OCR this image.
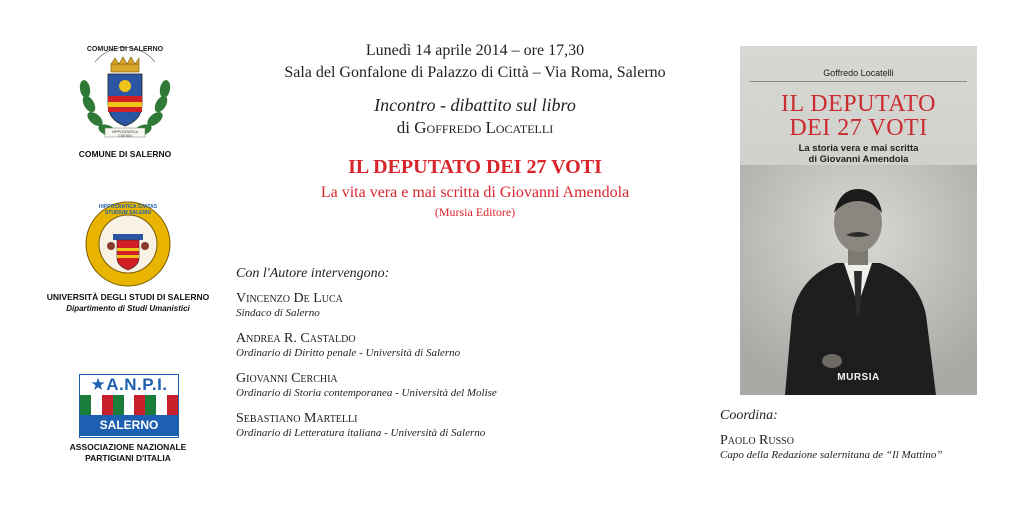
COMUNE DI SALERNO
HIPPOCRATICA CIVITAS
COMUNE DI SALERNO
HIPPOCRATICA CIVITAS STUDIUM SALERNI
UNIVERSITÀ DEGLI STUDI DI SALERNO
Dipartimento di Studi Umanistici
★A.N.P.I.
SALERNO
ASSOCIAZIONE NAZIONALE
PARTIGIANI D'ITALIA
Lunedì 14 aprile 2014 – ore 17,30
Sala del Gonfalone di Palazzo di Città – Via Roma, Salerno
Incontro - dibattito sul libro
di Goffredo Locatelli
IL DEPUTATO DEI 27 VOTI
La vita vera e mai scritta di Giovanni Amendola
(Mursia Editore)
Con l'Autore intervengono:
Vincenzo De Luca
Sindaco di Salerno
Andrea R. Castaldo
Ordinario di Diritto penale - Università di Salerno
Giovanni Cerchia
Ordinario di Storia contemporanea - Università del Molise
Sebastiano Martelli
Ordinario di Letteratura italiana - Università di Salerno
Goffredo Locatelli
IL DEPUTATO
DEI 27 VOTI
La storia vera e mai scritta
di Giovanni Amendola
MURSIA
Coordina:
Paolo Russo
Capo della Redazione salernitana de “Il Mattino”
